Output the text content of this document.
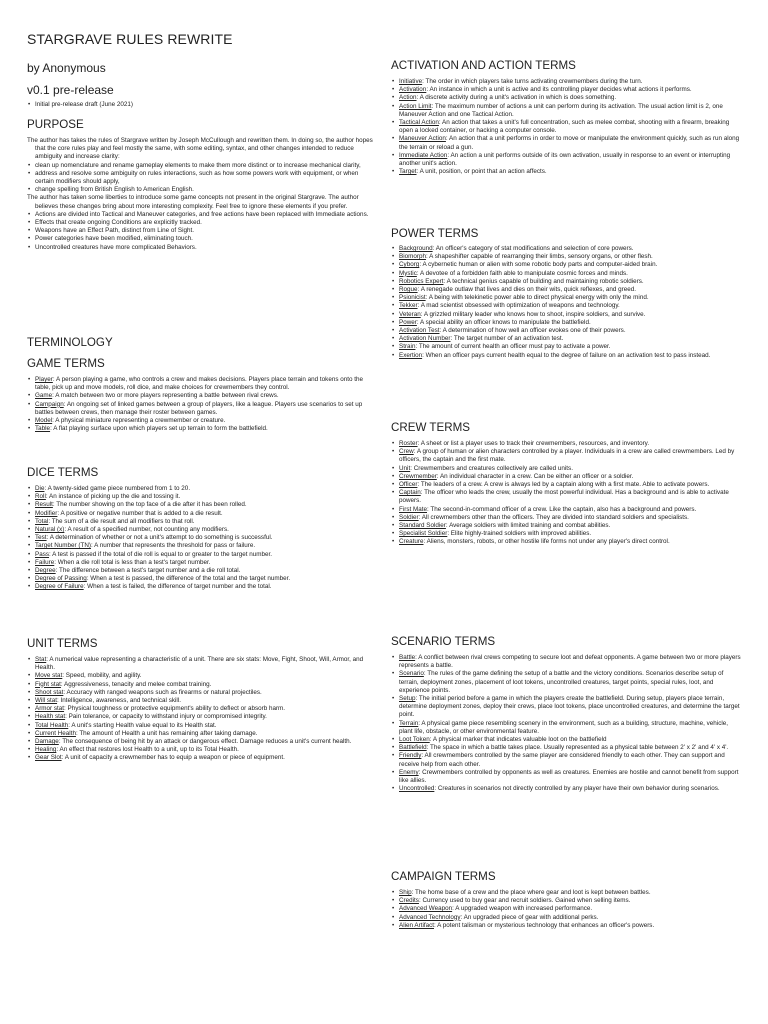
STARGRAVE RULES REWRITE
by Anonymous
v0.1 pre-release
• Initial pre-release draft (June 2021)
PURPOSE

The author has takes the rules of Stargrave written by Joseph McCullough and rewritten them. In doing so, the author hopes that the core rules play and feel mostly the same, with some editing, syntax, and other changes intended to reduce ambiguity and increase clarity:

• clean up nomenclature and rename gameplay elements to make them more distinct or to increase mechanical clarity,
• address and resolve some ambiguity on rules interactions, such as how some powers work with equipment, or when certain modifiers should apply,
• change spelling from British English to American English.

The author has taken some liberties to introduce some game concepts not present in the original Stargrave. The author believes these changes bring about more interesting complexity. Feel free to ignore these elements if you prefer.

• Actions are divided into Tactical and Maneuver categories, and free actions have been replaced with Immediate actions.
• Effects that create ongoing Conditions are explicitly tracked.
• Weapons have an Effect Path, distinct from Line of Sight.
• Power categories have been modified, eliminating touch.
• Uncontrolled creatures have more complicated Behaviors.
TERMINOLOGY
GAME TERMS
• Player: A person playing a game, who controls a crew and makes decisions. Players place terrain and tokens onto the table, pick up and move models, roll dice, and make choices for crewmembers they control.
• Game: A match between two or more players representing a battle between rival crews.
• Campaign: An ongoing set of linked games between a group of players, like a league. Players use scenarios to set up battles between crews, then manage their roster between games.
• Model: A physical miniature representing a crewmember or creature.
• Table: A flat playing surface upon which players set up terrain to form the battlefield.
DICE TERMS
• Die: A twenty-sided game piece numbered from 1 to 20.
• Roll: An instance of picking up the die and tossing it.
• Result: The number showing on the top face of a die after it has been rolled.
• Modifier: A positive or negative number that is added to a die result.
• Total: The sum of a die result and all modifiers to that roll.
• Natural (x): A result of a specified number, not counting any modifiers.
• Test: A determination of whether or not a unit's attempt to do something is successful.
• Target Number (TN): A number that represents the threshold for pass or failure.
• Pass: A test is passed if the total of die roll is equal to or greater to the target number.
• Failure: When a die roll total is less than a test's target number.
• Degree: The difference between a test's target number and a die roll total.
• Degree of Passing: When a test is passed, the difference of the total and the target number.
• Degree of Failure: When a test is failed, the difference of target number and the total.
UNIT TERMS
• Stat: A numerical value representing a characteristic of a unit. There are six stats: Move, Fight, Shoot, Will, Armor, and Health.
• Move stat: Speed, mobility, and agility.
• Fight stat: Aggressiveness, tenacity and melee combat training.
• Shoot stat: Accuracy with ranged weapons such as firearms or natural projectiles.
• Will stat: Intelligence, awareness, and technical skill.
• Armor stat: Physical toughness or protective equipment's ability to deflect or absorb harm.
• Health stat: Pain tolerance, or capacity to withstand injury or compromised integrity.
• Total Health: A unit's starting Health value equal to its Health stat.
• Current Health: The amount of Health a unit has remaining after taking damage.
• Damage: The consequence of being hit by an attack or dangerous effect. Damage reduces a unit's current health.
• Healing: An effect that restores lost Health to a unit, up to its Total Health.
• Gear Slot: A unit of capacity a crewmember has to equip a weapon or piece of equipment.
ACTIVATION AND ACTION TERMS
• Initiative: The order in which players take turns activating crewmembers during the turn.
• Activation: An instance in which a unit is active and its controlling player decides what actions it performs.
• Action: A discrete activity during a unit's activation in which is does something.
• Action Limit: The maximum number of actions a unit can perform during its activation. The usual action limit is 2, one Maneuver Action and one Tactical Action.
• Tactical Action: An action that takes a unit's full concentration, such as melee combat, shooting with a firearm, breaking open a locked container, or hacking a computer console.
• Maneuver Action: An action that a unit performs in order to move or manipulate the environment quickly, such as run along the terrain or reload a gun.
• Immediate Action: An action a unit performs outside of its own activation, usually in response to an event or interrupting another unit's action.
• Target: A unit, position, or point that an action affects.
POWER TERMS
• Background: An officer's category of stat modifications and selection of core powers.
• Biomorph: A shapeshifter capable of rearranging their limbs, sensory organs, or other flesh.
• Cyborg: A cybernetic human or alien with some robotic body parts and computer-aided brain.
• Mystic: A devotee of a forbidden faith able to manipulate cosmic forces and minds.
• Robotics Expert: A technical genius capable of building and maintaining robotic soldiers.
• Rogue: A renegade outlaw that lives and dies on their wits, quick reflexes, and greed.
• Psionicist: A being with telekinetic power able to direct physical energy with only the mind.
• Tekker: A mad scientist obsessed with optimization of weapons and technology.
• Veteran: A grizzled military leader who knows how to shoot, inspire soldiers, and survive.
• Power: A special ability an officer knows to manipulate the battlefield.
• Activation Test: A determination of how well an officer evokes one of their powers.
• Activation Number: The target number of an activation test.
• Strain: The amount of current health an officer must pay to activate a power.
• Exertion: When an officer pays current health equal to the degree of failure on an activation test to pass instead.
CREW TERMS
• Roster: A sheet or list a player uses to track their crewmembers, resources, and inventory.
• Crew: A group of human or alien characters controlled by a player. Individuals in a crew are called crewmembers. Led by officers, the captain and the first mate.
• Unit: Crewmembers and creatures collectively are called units.
• Crewmember: An individual character in a crew. Can be either an officer or a soldier.
• Officer: The leaders of a crew. A crew is always led by a captain along with a first mate. Able to activate powers.
• Captain: The officer who leads the crew, usually the most powerful individual. Has a background and is able to activate powers.
• First Mate: The second-in-command officer of a crew. Like the captain, also has a background and powers.
• Soldier: All crewmembers other than the officers. They are divided into standard soldiers and specialists.
• Standard Soldier: Average soldiers with limited training and combat abilities.
• Specialist Soldier: Elite highly-trained soldiers with improved abilities.
• Creature: Aliens, monsters, robots, or other hostile life forms not under any player's direct control.
SCENARIO TERMS
• Battle: A conflict between rival crews competing to secure loot and defeat opponents. A game between two or more players represents a battle.
• Scenario: The rules of the game defining the setup of a battle and the victory conditions. Scenarios describe setup of terrain, deployment zones, placement of loot tokens, uncontrolled creatures, target points, special rules, loot, and experience points.
• Setup: The initial period before a game in which the players create the battlefield. During setup, players place terrain, determine deployment zones, deploy their crews, place loot tokens, place uncontrolled creatures, and determine the target point.
• Terrain: A physical game piece resembling scenery in the environment, such as a building, structure, machine, vehicle, plant life, obstacle, or other environmental feature.
• Loot Token: A physical marker that indicates valuable loot on the battlefield
• Battlefield: The space in which a battle takes place. Usually represented as a physical table between 2' x 2' and 4' x 4'.
• Friendly: All crewmembers controlled by the same player are considered friendly to each other. They can support and receive help from each other.
• Enemy: Crewmembers controlled by opponents as well as creatures. Enemies are hostile and cannot benefit from support like allies.
• Uncontrolled: Creatures in scenarios not directly controlled by any player have their own behavior during scenarios.
CAMPAIGN TERMS
• Ship: The home base of a crew and the place where gear and loot is kept between battles.
• Credits: Currency used to buy gear and recruit soldiers. Gained when selling items.
• Advanced Weapon: A upgraded weapon with increased performance.
• Advanced Technology: An upgraded piece of gear with additional perks.
• Alien Artifact: A potent talisman or mysterious technology that enhances an officer's powers.
